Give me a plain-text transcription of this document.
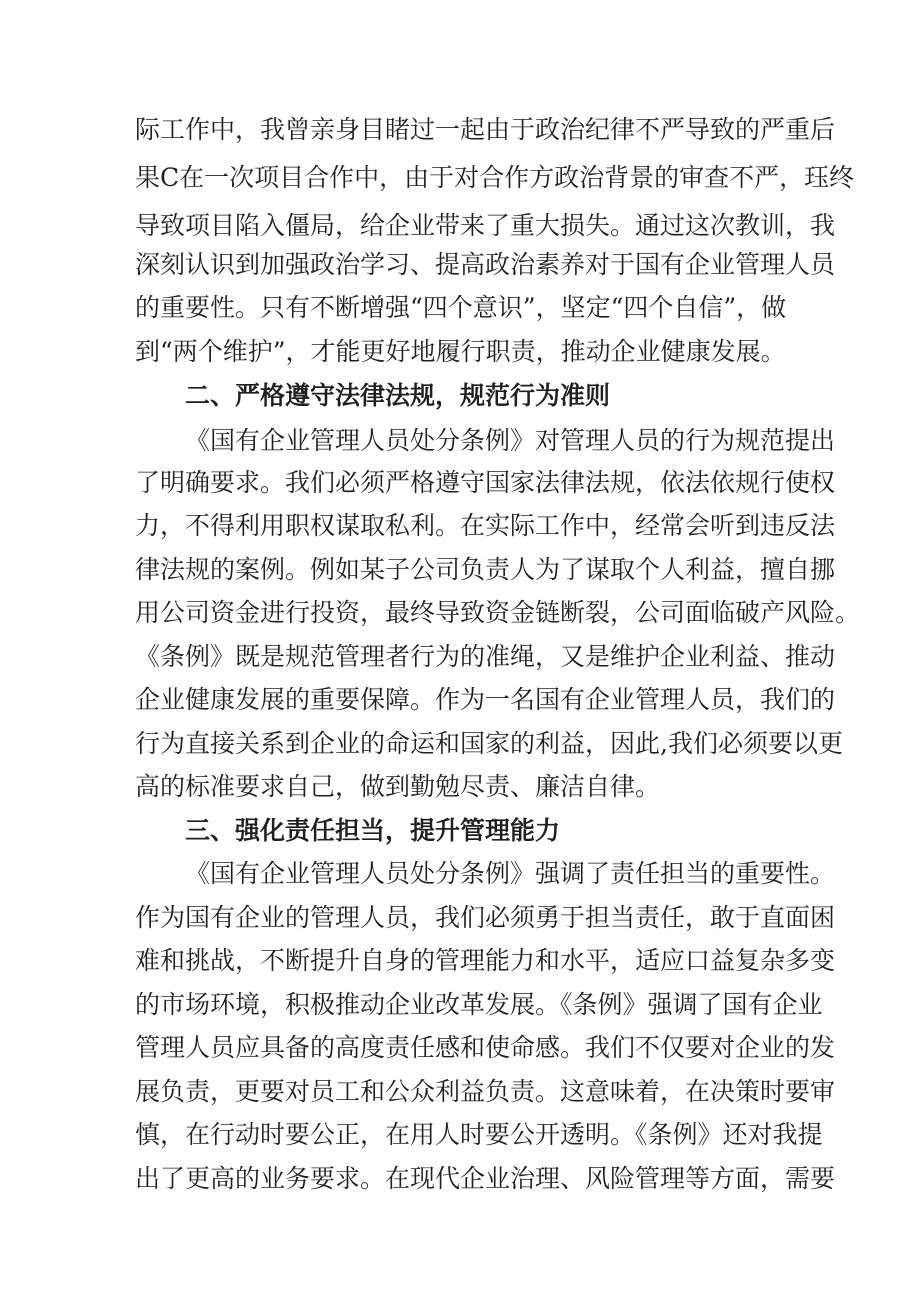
际工作中，我曾亲身目睹过一起由于政治纪律不严导致的严重后
果C在一次项目合作中，由于对合作方政治背景的审查不严，珏终
导致项目陷入僵局，给企业带来了重大损失。通过这次教训，我
深刻认识到加强政治学习、提高政治素养对于国有企业管理人员
的重要性。只有不断增强“四个意识”，坚定“四个自信”，做
到“两个维护”，才能更好地履行职责，推动企业健康发展。
二、严格遵守法律法规，规范行为准则
《国有企业管理人员处分条例》对管理人员的行为规范提出
了明确要求。我们必须严格遵守国家法律法规，依法依规行使权
力，不得利用职权谋取私利。在实际工作中，经常会听到违反法
律法规的案例。例如某子公司负责人为了谋取个人利益，擅自挪
用公司资金进行投资，最终导致资金链断裂，公司面临破产风险。
《条例》既是规范管理者行为的准绳，又是维护企业利益、推动
企业健康发展的重要保障。作为一名国有企业管理人员，我们的
行为直接关系到企业的命运和国家的利益，因此,我们必须要以更
高的标准要求自己，做到勤勉尽责、廉洁自律。
三、强化责任担当，提升管理能力
《国有企业管理人员处分条例》强调了责任担当的重要性。
作为国有企业的管理人员，我们必须勇于担当责任，敢于直面困
难和挑战，不断提升自身的管理能力和水平，适应口益复杂多变
的市场环境，积极推动企业改革发展。《条例》强调了国有企业
管理人员应具备的高度责任感和使命感。我们不仅要对企业的发
展负责，更要对员工和公众利益负责。这意味着，在决策时要审
慎，在行动时要公正，在用人时要公开透明。《条例》还对我提
出了更高的业务要求。在现代企业治理、风险管理等方面，需要
